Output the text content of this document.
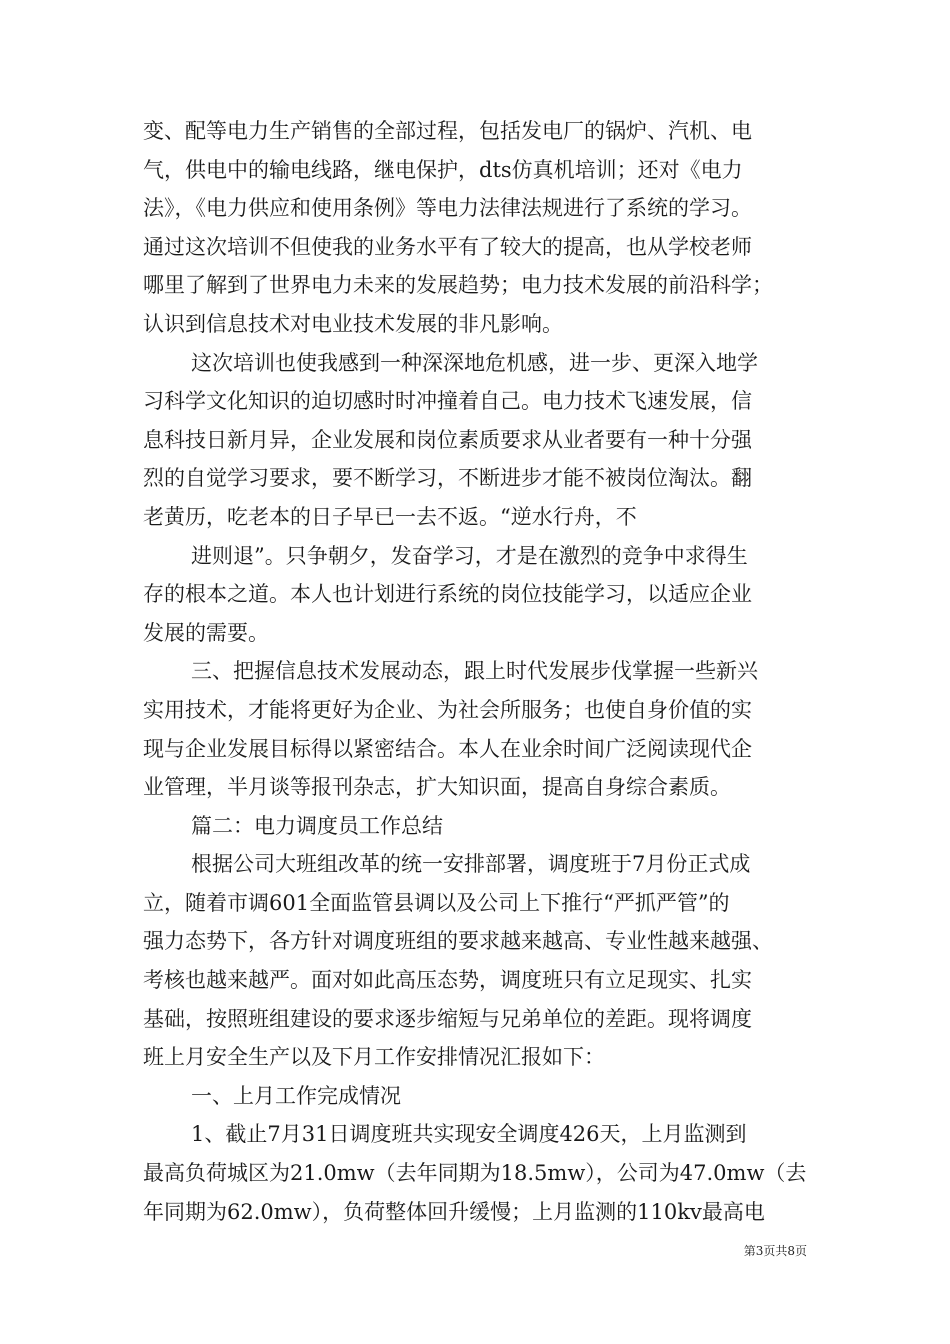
变、配等电力生产销售的全部过程，包括发电厂的锅炉、汽机、电
气，供电中的输电线路，继电保护，dts仿真机培训；还对《电力
法》，《电力供应和使用条例》等电力法律法规进行了系统的学习。
通过这次培训不但使我的业务水平有了较大的提高，也从学校老师
哪里了解到了世界电力未来的发展趋势；电力技术发展的前沿科学；
认识到信息技术对电业技术发展的非凡影响。
这次培训也使我感到一种深深地危机感，进一步、更深入地学
习科学文化知识的迫切感时时冲撞着自己。电力技术飞速发展，信
息科技日新月异，企业发展和岗位素质要求从业者要有一种十分强
烈的自觉学习要求，要不断学习，不断进步才能不被岗位淘汰。翻
老黄历，吃老本的日子早已一去不返。“逆水行舟，不
进则退”。只争朝夕，发奋学习，才是在激烈的竞争中求得生
存的根本之道。本人也计划进行系统的岗位技能学习，以适应企业
发展的需要。
三、把握信息技术发展动态，跟上时代发展步伐掌握一些新兴
实用技术，才能将更好为企业、为社会所服务；也使自身价值的实
现与企业发展目标得以紧密结合。本人在业余时间广泛阅读现代企
业管理，半月谈等报刊杂志，扩大知识面，提高自身综合素质。
篇二：电力调度员工作总结
根据公司大班组改革的统一安排部署，调度班于7月份正式成
立，随着市调601全面监管县调以及公司上下推行“严抓严管”的
强力态势下，各方针对调度班组的要求越来越高、专业性越来越强、
考核也越来越严。面对如此高压态势，调度班只有立足现实、扎实
基础，按照班组建设的要求逐步缩短与兄弟单位的差距。现将调度
班上月安全生产以及下月工作安排情况汇报如下：
一、上月工作完成情况
1、截止7月31日调度班共实现安全调度426天，上月监测到
最高负荷城区为21.0mw（去年同期为18.5mw），公司为47.0mw（去
年同期为62.0mw），负荷整体回升缓慢；上月监测的110kv最高电
第3页共8页
